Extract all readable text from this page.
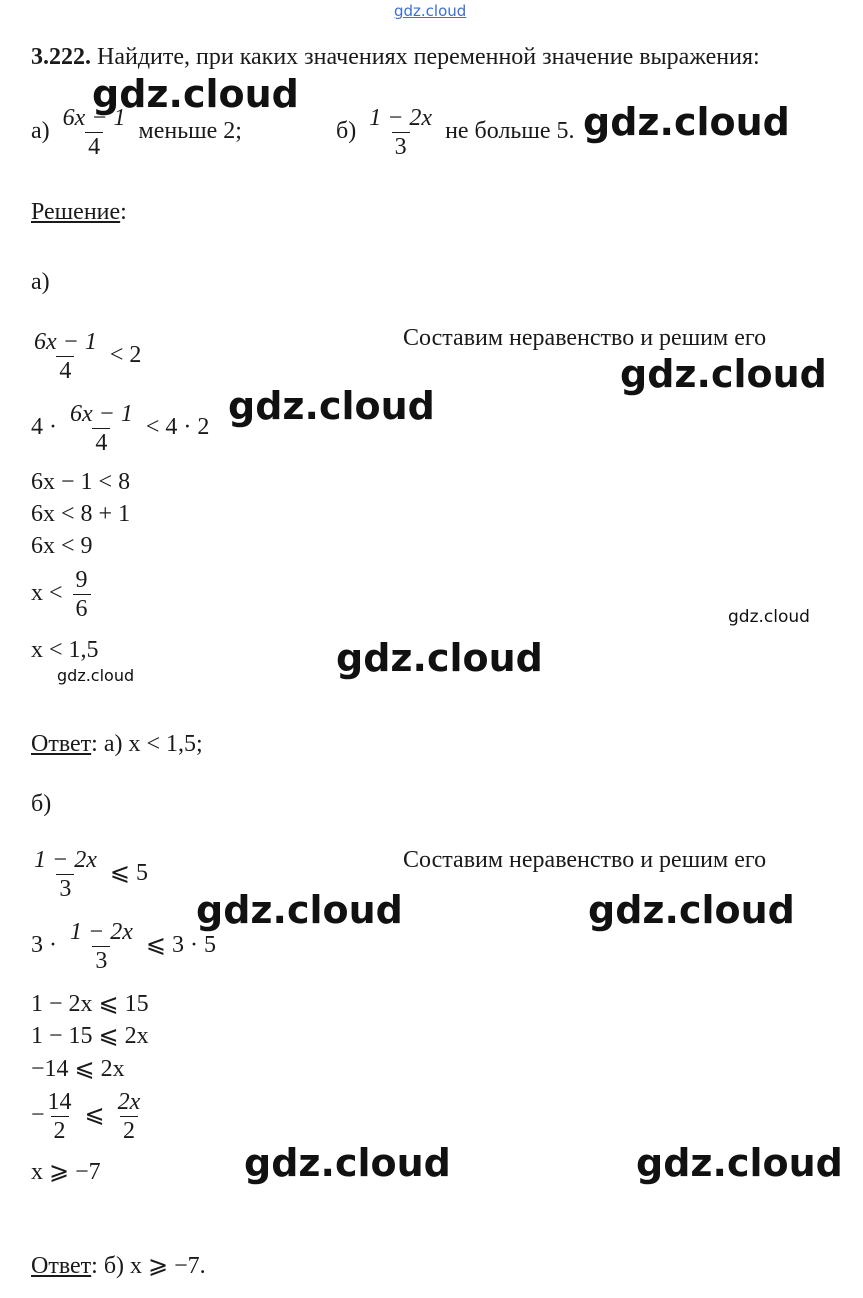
gdz.cloud
3.222. Найдите, при каких значениях переменной значение выражения:
$а) \frac{6x - 1}{4}$ меньше 2;	$б) \frac{1 - 2x}{3}$ не больше 5.
Решение:
а)
Составим неравенство и решим его
$\frac{6x - 1}{4} < 2$
$4 \cdot \frac{6x - 1}{4} < 4 \cdot 2$
6x − 1 < 8
6x < 8 + 1
6x < 9
$x < \frac{9}{6}$
x < 1,5
Ответ: а) x < 1,5;
б)
Составим неравенство и решим его
$\frac{1 - 2x}{3}$ ⩽ 5
$3 \cdot \frac{1 - 2x}{3}$ ⩽ 3 · 5
1 − 2x ⩽ 15
1 − 15 ⩽ 2x
−14 ⩽ 2x
− $\frac{14}{2}$ ⩽ $\frac{2x}{2}$
x ⩾ −7
Ответ: б) x ⩾ −7.
gdz.cloud
gdz.cloud
gdz.cloud
gdz.cloud
gdz.cloud
gdz.cloud
gdz.cloud
gdz.cloud	gdz.cloud
gdz.cloud	gdz.cloud
